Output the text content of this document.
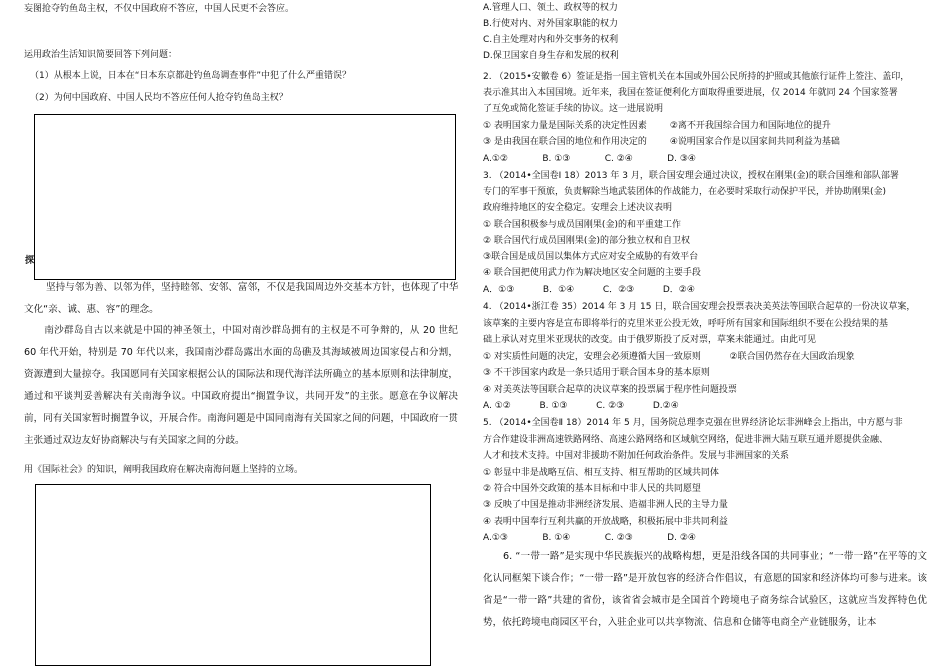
妄图抢夺钓鱼岛主权，不仅中国政府不答应，中国人民更不会答应。
运用政治生活知识简要回答下列问题：
（1）从根本上说，日本在“日本东京都赴钓鱼岛调查事件”中犯了什么严重错误？
（2）为何中国政府、中国人民均不答应任何人抢夺钓鱼岛主权？
探
坚持与邻为善、以邻为伴，坚持睦邻、安邻、富邻，不仅是我国周边外交基本方针，也体现了中华
文化“亲、诚、惠、容”的理念。
南沙群岛自古以来就是中国的神圣领土，中国对南沙群岛拥有的主权是不可争辩的，从 20 世纪 60 年代开始，特别是 70 年代以来，我国南沙群岛露出水面的岛礁及其海域被周边国家侵占和分割，资源遭到大量掠夺。我国愿同有关国家根据公认的国际法和现代海洋法所确立的基本原则和法律制度，通过和平谈判妥善解决有关南海争议。中国政府提出“搁置争议，共同开发”的主张。愿意在争议解决前，同有关国家暂时搁置争议，开展合作。南海问题是中国同南海有关国家之间的问题，中国政府一贯主张通过双边友好协商解决与有关国家之间的分歧。
用《国际社会》的知识，阐明我国政府在解决南海问题上坚持的立场。
A.管理人口、领土、政权等的权力
B.行使对内、对外国家职能的权力
C.自主处理对内和外交事务的权利
D.保卫国家自身生存和发展的权利
2. （2015•安徽卷 6）签证是指一国主管机关在本国或外国公民所持的护照或其他旅行证件上签注、盖印，
表示准其出入本国国境。近年来，我国在签证便利化方面取得重要进展，仅 2014 年就同 24 个国家签署
了互免或简化签证手续的协议。这一进展说明
① 表明国家力量是国际关系的决定性因素        ②离不开我国综合国力和国际地位的提升
③ 是由我国在联合国的地位和作用决定的        ④说明国家合作是以国家间共同利益为基础
A.①②            B. ①③            C. ②④            D. ③④
3. （2014•全国卷Ⅰ 18）2013 年 3 月，联合国安理会通过决议，授权在刚果(金)的联合国维和部队部署
专门的军事干预旅，负责解除当地武装团体的作战能力，在必要时采取行动保护平民，并协助刚果(金)
政府维持地区的安全稳定。安理会上述决议表明
① 联合国积极参与成员国刚果(金)的和平重建工作
② 联合国代行成员国刚果(金)的部分独立权和自卫权
③联合国是成员国以集体方式应对安全威胁的有效平台
④ 联合国把使用武力作为解决地区安全问题的主要手段
A．①③          B．①④          C．②③          D．②④
4. （2014•浙江卷 35）2014 年 3 月 15 日，联合国安理会投票表决美英法等国联合起草的一份决议草案，
该草案的主要内容是宣布即将举行的克里米亚公投无效，呼吁所有国家和国际组织不要在公投结果的基
础上承认对克里米亚现状的改变。由于俄罗斯投了反对票，草案未能通过。由此可见
① 对实质性问题的决定，安理会必须遵循大国一致原则          ②联合国仍然存在大国政治现象
③ 不干涉国家内政是一条只适用于联合国本身的基本原则
④ 对美英法等国联合起草的决议草案的投票属于程序性问题投票
A. ①②          B. ①③          C. ②③          D.②④
5. （2014•全国卷Ⅱ 18）2014 年 5 月，国务院总理李克强在世界经济论坛非洲峰会上指出，中方愿与非
方合作建设非洲高速铁路网络、高速公路网络和区域航空网络，促进非洲大陆互联互通并愿提供金融、
人才和技术支持。中国对非援助不附加任何政治条件。发展与非洲国家的关系
① 彰显中非是战略互信、相互支持、相互帮助的区域共同体
② 符合中国外交政策的基本目标和中非人民的共同愿望
③ 反映了中国是推动非洲经济发展、造福非洲人民的主导力量
④ 表明中国奉行互利共赢的开放战略，积极拓展中非共同利益
A.①③            B. ①④            C. ②③            D. ②④
6. “一带一路”是实现中华民族振兴的战略构想，更是沿线各国的共同事业；“一带一路”在平等的文化认同框架下谈合作；“一带一路”是开放包容的经济合作倡议，有意愿的国家和经济体均可参与进来。该省是“一带一路”共建的省份，该省省会城市是全国首个跨境电子商务综合试验区，这就应当发挥特色优势，依托跨境电商园区平台，入驻企业可以共享物流、信息和仓储等电商全产业链服务，让本
